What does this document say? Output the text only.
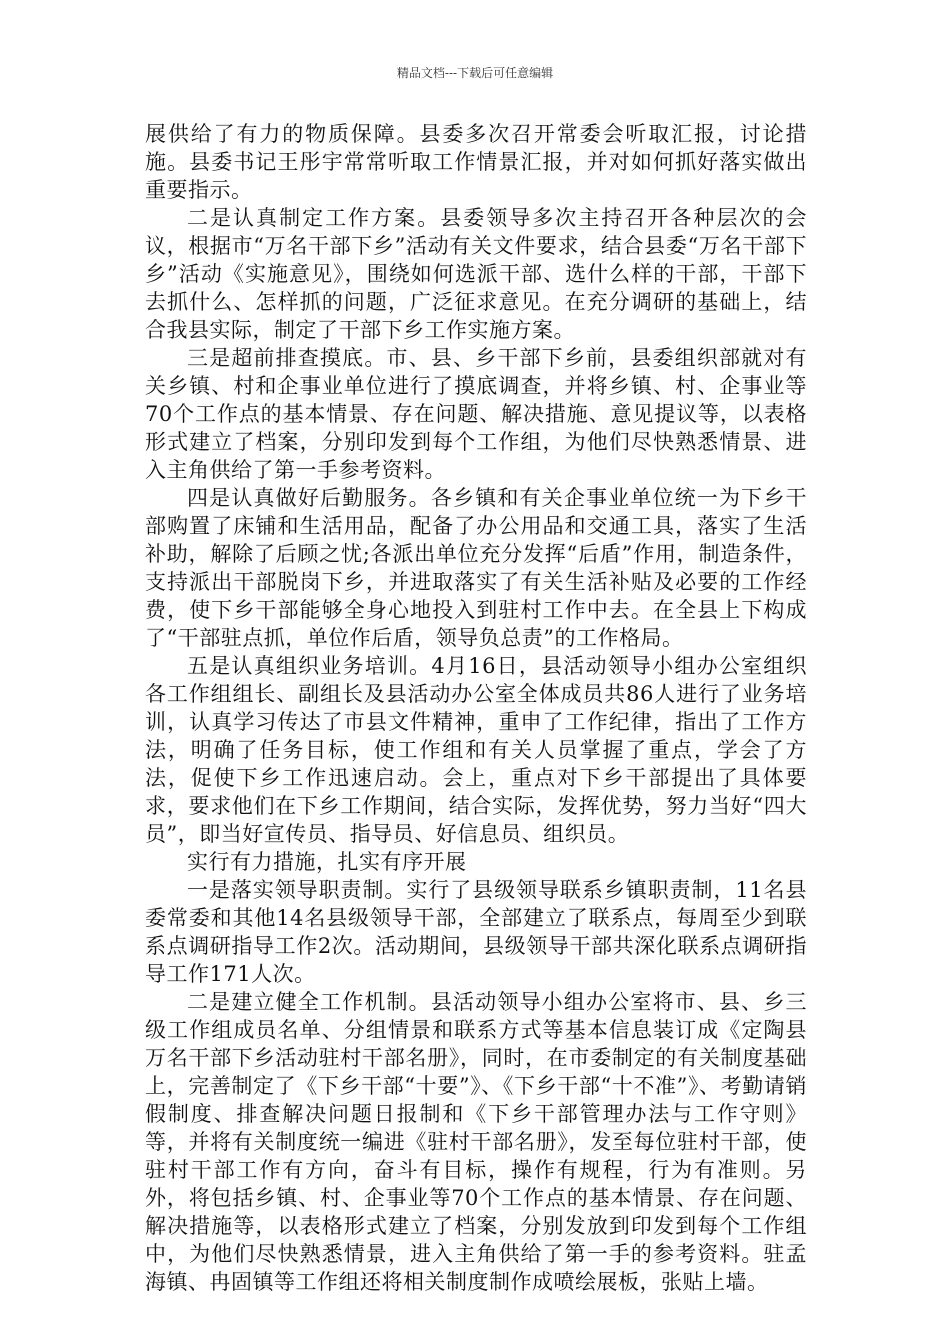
精品文档---下载后可任意编辑

展供给了有力的物质保障。县委多次召开常委会听取汇报，讨论措施。县委书记王彤宇常常听取工作情景汇报，并对如何抓好落实做出重要指示。

二是认真制定工作方案。县委领导多次主持召开各种层次的会议，根据市“万名干部下乡”活动有关文件要求，结合县委“万名干部下乡”活动《实施意见》，围绕如何选派干部、选什么样的干部，干部下去抓什么、怎样抓的问题，广泛征求意见。在充分调研的基础上，结合我县实际，制定了干部下乡工作实施方案。

三是超前排查摸底。市、县、乡干部下乡前，县委组织部就对有关乡镇、村和企事业单位进行了摸底调查，并将乡镇、村、企事业等70个工作点的基本情景、存在问题、解决措施、意见提议等，以表格形式建立了档案，分别印发到每个工作组，为他们尽快熟悉情景、进入主角供给了第一手参考资料。

四是认真做好后勤服务。各乡镇和有关企事业单位统一为下乡干部购置了床铺和生活用品，配备了办公用品和交通工具，落实了生活补助，解除了后顾之忧;各派出单位充分发挥“后盾”作用，制造条件，支持派出干部脱岗下乡，并进取落实了有关生活补贴及必要的工作经费，使下乡干部能够全身心地投入到驻村工作中去。在全县上下构成了“干部驻点抓，单位作后盾，领导负总责”的工作格局。

五是认真组织业务培训。4月16日，县活动领导小组办公室组织各工作组组长、副组长及县活动办公室全体成员共86人进行了业务培训，认真学习传达了市县文件精神，重申了工作纪律，指出了工作方法，明确了任务目标，使工作组和有关人员掌握了重点，学会了方法，促使下乡工作迅速启动。会上，重点对下乡干部提出了具体要求，要求他们在下乡工作期间，结合实际，发挥优势，努力当好“四大员”，即当好宣传员、指导员、好信息员、组织员。

实行有力措施，扎实有序开展

一是落实领导职责制。实行了县级领导联系乡镇职责制，11名县委常委和其他14名县级领导干部，全部建立了联系点，每周至少到联系点调研指导工作2次。活动期间，县级领导干部共深化联系点调研指导工作171人次。

二是建立健全工作机制。县活动领导小组办公室将市、县、乡三级工作组成员名单、分组情景和联系方式等基本信息装订成《定陶县万名干部下乡活动驻村干部名册》，同时，在市委制定的有关制度基础上，完善制定了《下乡干部“十要”》、《下乡干部“十不准”》、考勤请销假制度、排查解决问题日报制和《下乡干部管理办法与工作守则》等，并将有关制度统一编进《驻村干部名册》，发至每位驻村干部，使驻村干部工作有方向，奋斗有目标，操作有规程，行为有准则。另外，将包括乡镇、村、企事业等70个工作点的基本情景、存在问题、解决措施等，以表格形式建立了档案，分别发放到印发到每个工作组中，为他们尽快熟悉情景，进入主角供给了第一手的参考资料。驻孟海镇、冉固镇等工作组还将相关制度制作成喷绘展板，张贴上墙。
